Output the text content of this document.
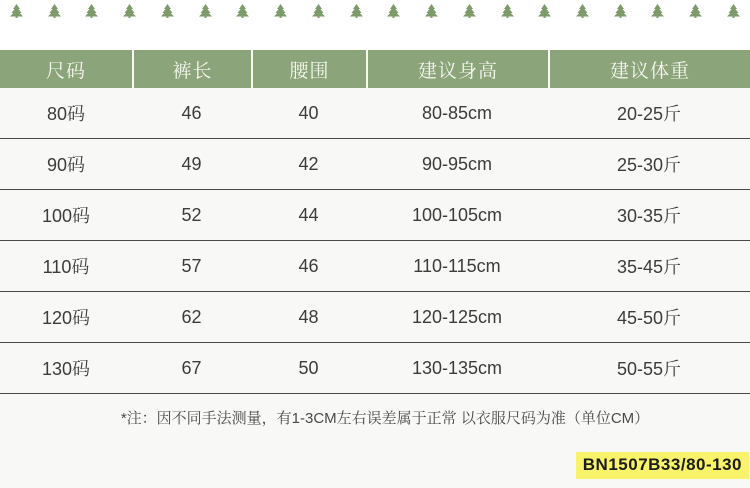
尺码	裤长	腰围	建议身高	建议体重
80码	46	40	80-85cm	20-25斤
90码	49	42	90-95cm	25-30斤
100码	52	44	100-105cm	30-35斤
110码	57	46	110-115cm	35-45斤
120码	62	48	120-125cm	45-50斤
130码	67	50	130-135cm	50-55斤
*注：因不同手法测量，有1-3CM左右误差属于正常 以衣服尺码为准（单位CM）
BN1507B33/80-130
